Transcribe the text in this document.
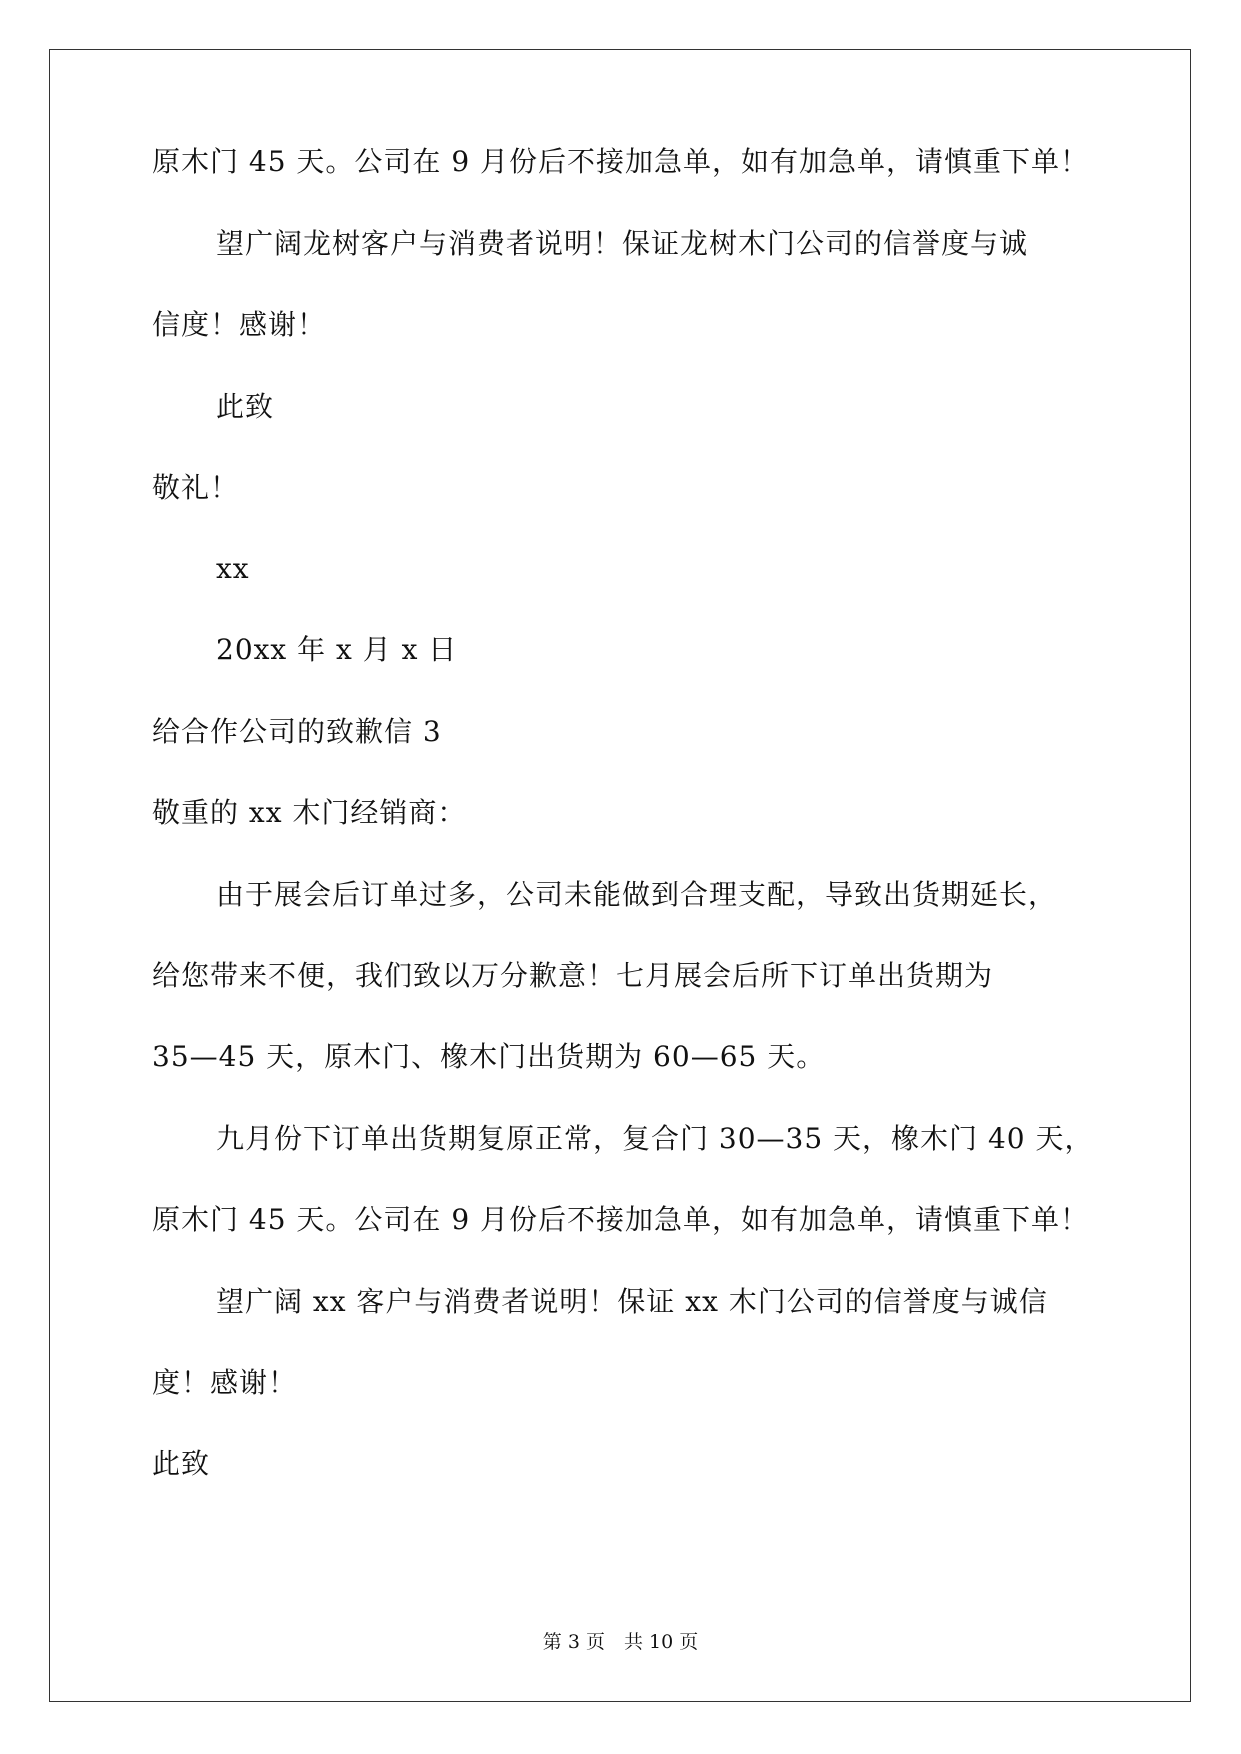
原木门 45 天。公司在 9 月份后不接加急单，如有加急单，请慎重下单！
望广阔龙树客户与消费者说明！保证龙树木门公司的信誉度与诚
信度！感谢！
此致
敬礼！
xx
20xx 年 x 月 x 日
给合作公司的致歉信 3
敬重的 xx 木门经销商：
由于展会后订单过多，公司未能做到合理支配，导致出货期延长，
给您带来不便，我们致以万分歉意！七月展会后所下订单出货期为
35—45 天，原木门、橡木门出货期为 60—65 天。
九月份下订单出货期复原正常，复合门 30—35 天，橡木门 40 天，
原木门 45 天。公司在 9 月份后不接加急单，如有加急单，请慎重下单！
望广阔 xx 客户与消费者说明！保证 xx 木门公司的信誉度与诚信
度！感谢！
此致
第 3 页　共 10 页
